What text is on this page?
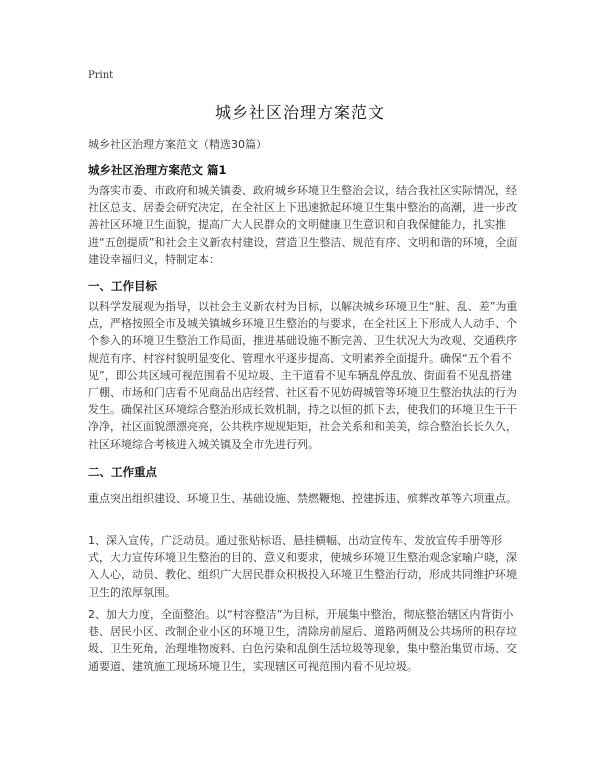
Print
城乡社区治理方案范文
城乡社区治理方案范文（精选30篇）
城乡社区治理方案范文 篇1

为落实市委、市政府和城关镇委、政府城乡环境卫生整治会议，结合我社区实际情况，经社区总支、居委会研究决定，在全社区上下迅速掀起环境卫生集中整治的高潮，进一步改善社区环境卫生面貌，提高广大人民群众的文明健康卫生意识和自我保健能力，扎实推进“五创提质”和社会主义新农村建设，营造卫生整洁、规范有序、文明和谐的环境，全面建设幸福归义，特制定本：

一、工作目标

以科学发展观为指导，以社会主义新农村为目标，以解决城乡环境卫生“脏、乱、差”为重点，严格按照全市及城关镇城乡环境卫生整治的与要求，在全社区上下形成人人动手、个个参入的环境卫生整治工作局面，推进基础设施不断完善、卫生状况大为改观、交通秩序规范有序、村容村貌明显变化、管理水平逐步提高、文明素养全面提升。确保“五个看不见”，即公共区域可视范围看不见垃圾、主干道看不见车辆乱停乱放、街面看不见乱搭建厂棚、市场和门店看不见商品出店经营、社区看不见妨碍城管等环境卫生整治执法的行为发生。确保社区环境综合整治形成长效机制，持之以恒的抓下去，使我们的环境卫生干干净净，社区面貌漂漂亮亮，公共秩序规规矩矩，社会关系和和美美，综合整治长长久久，社区环境综合考核进入城关镇及全市先进行列。

二、工作重点

重点突出组织建设、环境卫生、基础设施、禁燃鞭炮、控建拆违、殡葬改革等六项重点。

1、深入宣传，广泛动员。通过张贴标语、悬挂横幅、出动宣传车、发放宣传手册等形式，大力宣传环境卫生整治的目的、意义和要求，使城乡环境卫生整治观念家喻户晓，深入人心，动员、教化、组织广大居民群众积极投入环境卫生整治行动，形成共同维护环境卫生的浓厚氛围。

2、加大力度，全面整治。以“村容整洁”为目标，开展集中整治，彻底整治辖区内背街小巷、居民小区、改制企业小区的环境卫生，清除房前屋后、道路两侧及公共场所的积存垃圾、卫生死角，治理堆物废料、白色污染和乱倒生活垃圾等现象，集中整治集贸市场、交通要道、建筑施工现场环境卫生，实现辖区可视范围内看不见垃圾。
